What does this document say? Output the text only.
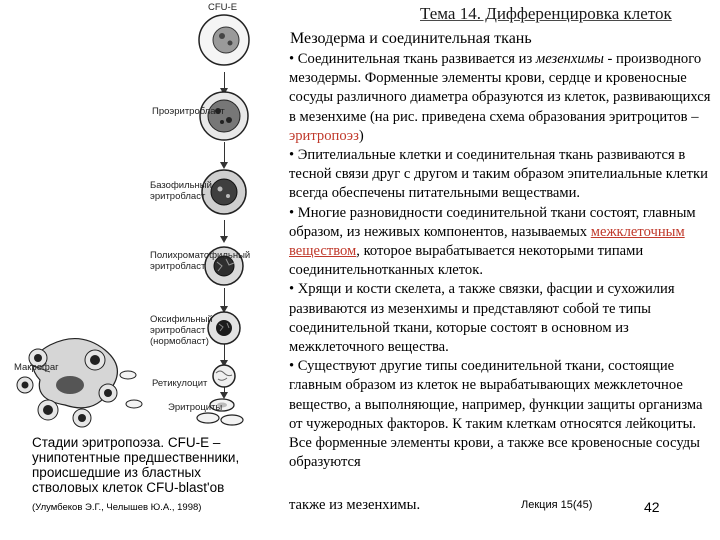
Тема 14. Дифференцировка клеток
Мезодерма и соединительная ткань
CFU-E
Проэритробласт
Базофильный эритробласт
Полихроматофильный эритробласт
Оксифильный эритробласт (нормобласт)
Ретикулоцит
Эритроциты
Макрофаг
Стадии эритропоэза. CFU-E – унипотентные предшественники, происшедшие из бластных стволовых клеток CFU-blast'ов
(Улумбеков Э.Г., Челышев Ю.А., 1998)

• Соединительная ткань развивается из мезенхимы - производного мезодермы. Форменные элементы крови, сердце и кровеносные сосуды различного диаметра образуются из клеток, развивающихся в мезенхиме (на рис. приведена схема образования эритроцитов – эритропоэз)

• Эпителиальные клетки и соединительная ткань развиваются в тесной связи друг с другом и таким образом эпителиальные клетки всегда обеспечены питательными веществами.

• Многие разновидности соединительной ткани состоят, главным образом, из неживых компонентов, называемых межклеточным веществом, которое вырабатывается некоторыми типами соединительнотканных клеток.

• Хрящи и кости скелета, а также связки, фасции и сухожилия развиваются из мезенхимы и представляют собой те типы соединительной ткани, которые состоят в основном из межклеточного вещества.

• Существуют другие типы соединительной ткани, состоящие главным образом из клеток не вырабатывающих межклеточное вещество, а выполняющие, например, функции защиты организма от чужеродных факторов. К таким клеткам относятся лейкоциты. Все форменные элементы крови, а также все кровеносные сосуды образуются

также из мезенхимы.	Лекция 15(45)	42
